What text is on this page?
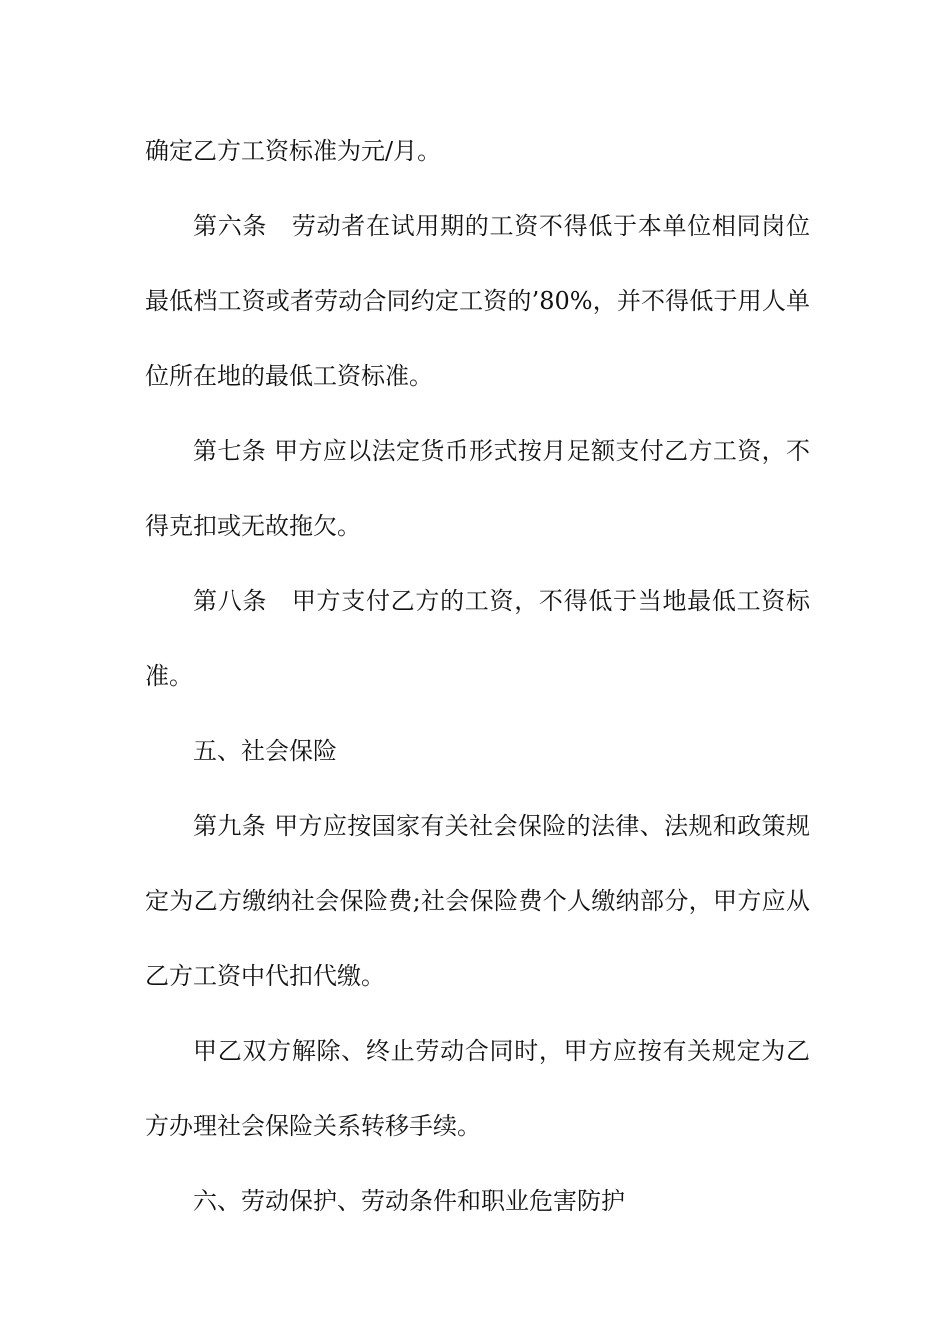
确定乙方工资标准为元/月。
第六条　劳动者在试用期的工资不得低于本单位相同岗位
最低档工资或者劳动合同约定工资的’80%，并不得低于用人单
位所在地的最低工资标准。
第七条 甲方应以法定货币形式按月足额支付乙方工资，不
得克扣或无故拖欠。
第八条　甲方支付乙方的工资，不得低于当地最低工资标
准。
五、社会保险
第九条 甲方应按国家有关社会保险的法律、法规和政策规
定为乙方缴纳社会保险费;社会保险费个人缴纳部分，甲方应从
乙方工资中代扣代缴。
甲乙双方解除、终止劳动合同时，甲方应按有关规定为乙
方办理社会保险关系转移手续。
六、劳动保护、劳动条件和职业危害防护
